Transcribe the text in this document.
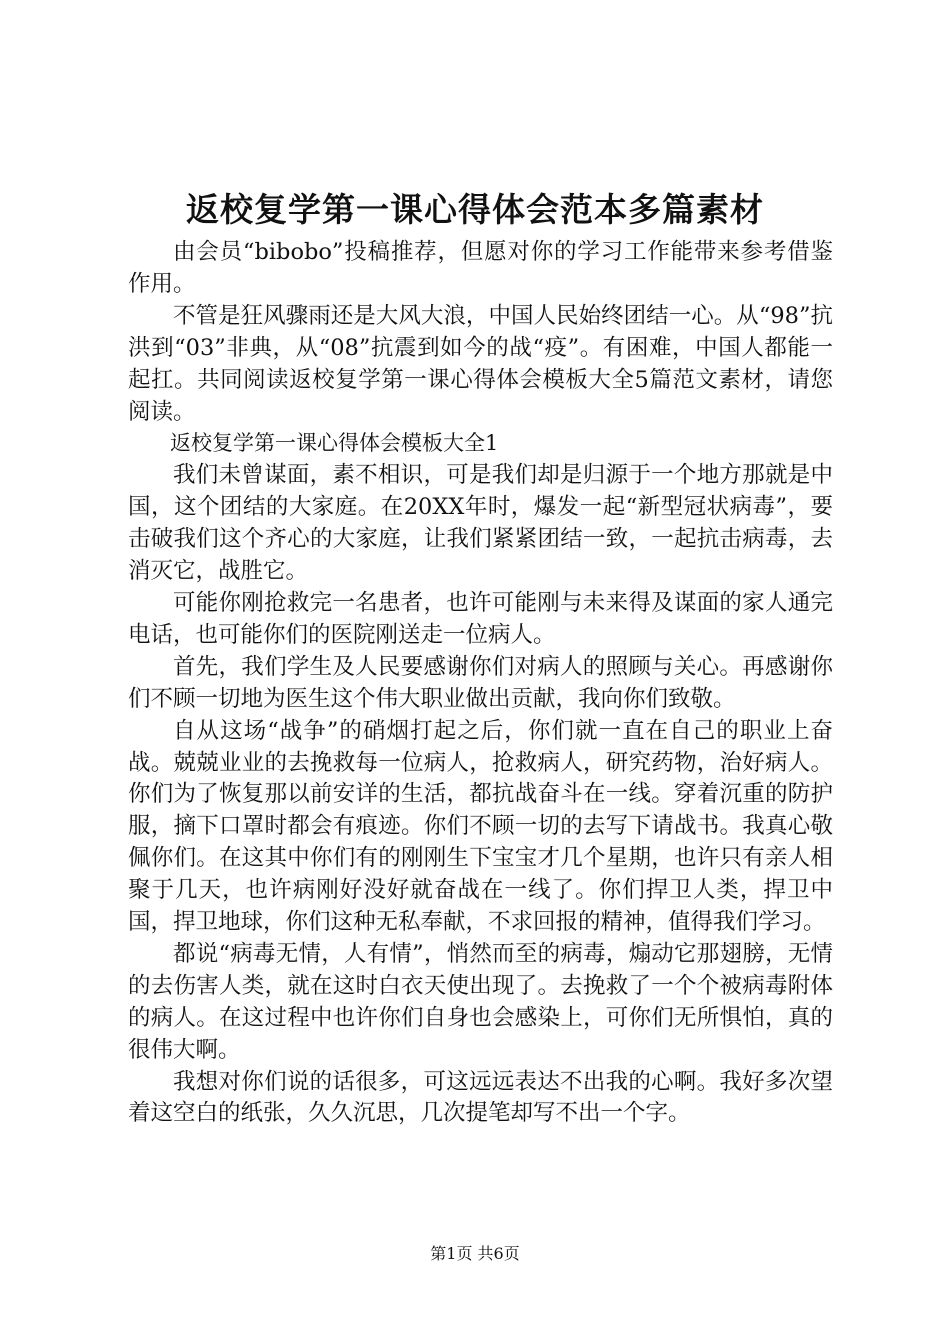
返校复学第一课心得体会范本多篇素材

由会员“bibobo”投稿推荐，但愿对你的学习工作能带来参考借鉴作用。

不管是狂风骤雨还是大风大浪，中国人民始终团结一心。从“98”抗洪到“03”非典，从“08”抗震到如今的战“疫”。有困难，中国人都能一起扛。共同阅读返校复学第一课心得体会模板大全5篇范文素材，请您阅读。

返校复学第一课心得体会模板大全1

我们未曾谋面，素不相识，可是我们却是归源于一个地方那就是中国，这个团结的大家庭。在20XX年时，爆发一起“新型冠状病毒”，要击破我们这个齐心的大家庭，让我们紧紧团结一致，一起抗击病毒，去消灭它，战胜它。

可能你刚抢救完一名患者，也许可能刚与未来得及谋面的家人通完电话，也可能你们的医院刚送走一位病人。

首先，我们学生及人民要感谢你们对病人的照顾与关心。再感谢你们不顾一切地为医生这个伟大职业做出贡献，我向你们致敬。

自从这场“战争”的硝烟打起之后，你们就一直在自己的职业上奋战。兢兢业业的去挽救每一位病人，抢救病人，研究药物，治好病人。你们为了恢复那以前安详的生活，都抗战奋斗在一线。穿着沉重的防护服，摘下口罩时都会有痕迹。你们不顾一切的去写下请战书。我真心敬佩你们。在这其中你们有的刚刚生下宝宝才几个星期，也许只有亲人相聚于几天，也许病刚好没好就奋战在一线了。你们捍卫人类，捍卫中国，捍卫地球，你们这种无私奉献，不求回报的精神，值得我们学习。

都说“病毒无情，人有情”，悄然而至的病毒，煽动它那翅膀，无情的去伤害人类，就在这时白衣天使出现了。去挽救了一个个被病毒附体的病人。在这过程中也许你们自身也会感染上，可你们无所惧怕，真的很伟大啊。

我想对你们说的话很多，可这远远表达不出我的心啊。我好多次望着这空白的纸张，久久沉思，几次提笔却写不出一个字。

第1页 共6页
